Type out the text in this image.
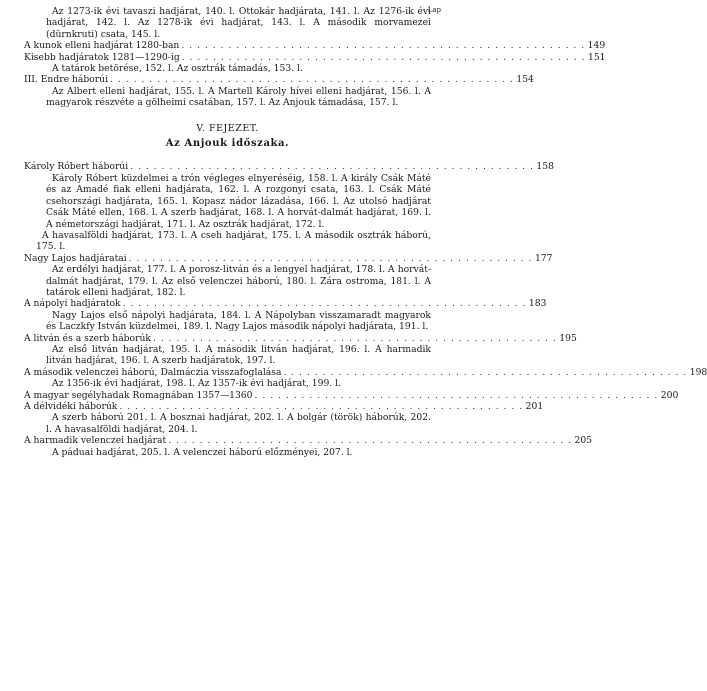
Lap

Az 1273-ik évi tavaszi hadjárat, 140. l. Ottokár hadjárata, 141. l. Az 1276-ik évi hadjárat, 142. l. Az 1278-ik évi hadjárat, 143. l. A második morvamezei (dürnkruti) csata, 145. l.

A kunok elleni hadjárat 1280-ban . . . . . . . . . . . . . . . . . . . . . . . . . . . . . . . . . . . . . . . . . . . . . . . . . . . . 149
Kisebb hadjáratok 1281—1290-ig . . . . . . . . . . . . . . . . . . . . . . . . . . . . . . . . . . . . . . . . . . . . . . . . . . . . 151

A tatárok betörése, 152. l. Az osztrák támadás, 153. l.

III. Endre háborúi . . . . . . . . . . . . . . . . . . . . . . . . . . . . . . . . . . . . . . . . . . . . . . . . . . . . 154

Az Albert elleni hadjárat, 155. l. A Martell Károly hívei elleni hadjárat, 156. l. A magyarok részvéte a gölheimi csatában, 157. l. Az Anjouk támadása, 157. l.

V. FEJEZET.
Az Anjouk időszaka.
Károly Róbert háborúi . . . . . . . . . . . . . . . . . . . . . . . . . . . . . . . . . . . . . . . . . . . . . . . . . . . . 158

Károly Róbert küzdelmei a trón végleges elnyeréséig, 158. l. A király Csák Máté és az Amadé fiak elleni hadjárata, 162. l. A rozgonyi csata, 163. l. Csák Máté csehországi hadjárata, 165. l. Kopasz nádor lázadása, 166. l. Az utolsó hadjárat Csák Máté ellen, 168. l. A szerb hadjárat, 168. l. A horvát-dalmát hadjárat, 169. l. A németországi hadjárat, 171. l. Az osztrák hadjárat, 172. l.

A havasalföldi hadjárat, 173. l. A cseh hadjárat, 175. l. A második osztrák háború, 175. l.

Nagy Lajos hadjáratai . . . . . . . . . . . . . . . . . . . . . . . . . . . . . . . . . . . . . . . . . . . . . . . . . . . . 177

Az erdélyi hadjárat, 177. l. A porosz-litván és a lengyel hadjárat, 178. l. A horvát-dalmát hadjárat, 179. l. Az első velenczei háború, 180. l. Zára ostroma, 181. l. A tatárok elleni hadjárat, 182. l.

A nápolyi hadjáratok . . . . . . . . . . . . . . . . . . . . . . . . . . . . . . . . . . . . . . . . . . . . . . . . . . . . 183

Nagy Lajos első nápolyi hadjárata, 184. l. A Nápolyban visszamaradt magyarok és Laczkfy István küzdelmei, 189. l. Nagy Lajos második nápolyi hadjárata, 191. l.

A litván és a szerb háborúk . . . . . . . . . . . . . . . . . . . . . . . . . . . . . . . . . . . . . . . . . . . . . . . . . . . . 195

Az első litván hadjárat, 195. l. A második litván hadjárat, 196. l. A harmadik litván hadjárat, 196. l. A szerb hadjáratok, 197. l.

A második velenczei háború, Dalmáczia visszafoglalása . . . . . . . . . . . . . . . . . . . . . . . . . . . . . . . . . . . . . . . . . . . . . . . . . . . . 198

Az 1356-ik évi hadjárat, 198. l. Az 1357-ik évi hadjárat, 199. l.

A magyar segélyhadak Romagnában 1357—1360 . . . . . . . . . . . . . . . . . . . . . . . . . . . . . . . . . . . . . . . . . . . . . . . . . . . . 200
A délvidéki háborúk . . . . . . . . . . . . . . . . . . . . . . . . . . . . . . . . . . . . . . . . . . . . . . . . . . . . 201

A szerb háború 201. l. A bosznai hadjárat, 202. l. A bolgár (török) háborúk, 202. l. A havasalföldi hadjárat, 204. l.

A harmadik velenczei hadjárat . . . . . . . . . . . . . . . . . . . . . . . . . . . . . . . . . . . . . . . . . . . . . . . . . . . . 205

A páduai hadjárat, 205. l. A velenczei háború előzményei, 207. l.
